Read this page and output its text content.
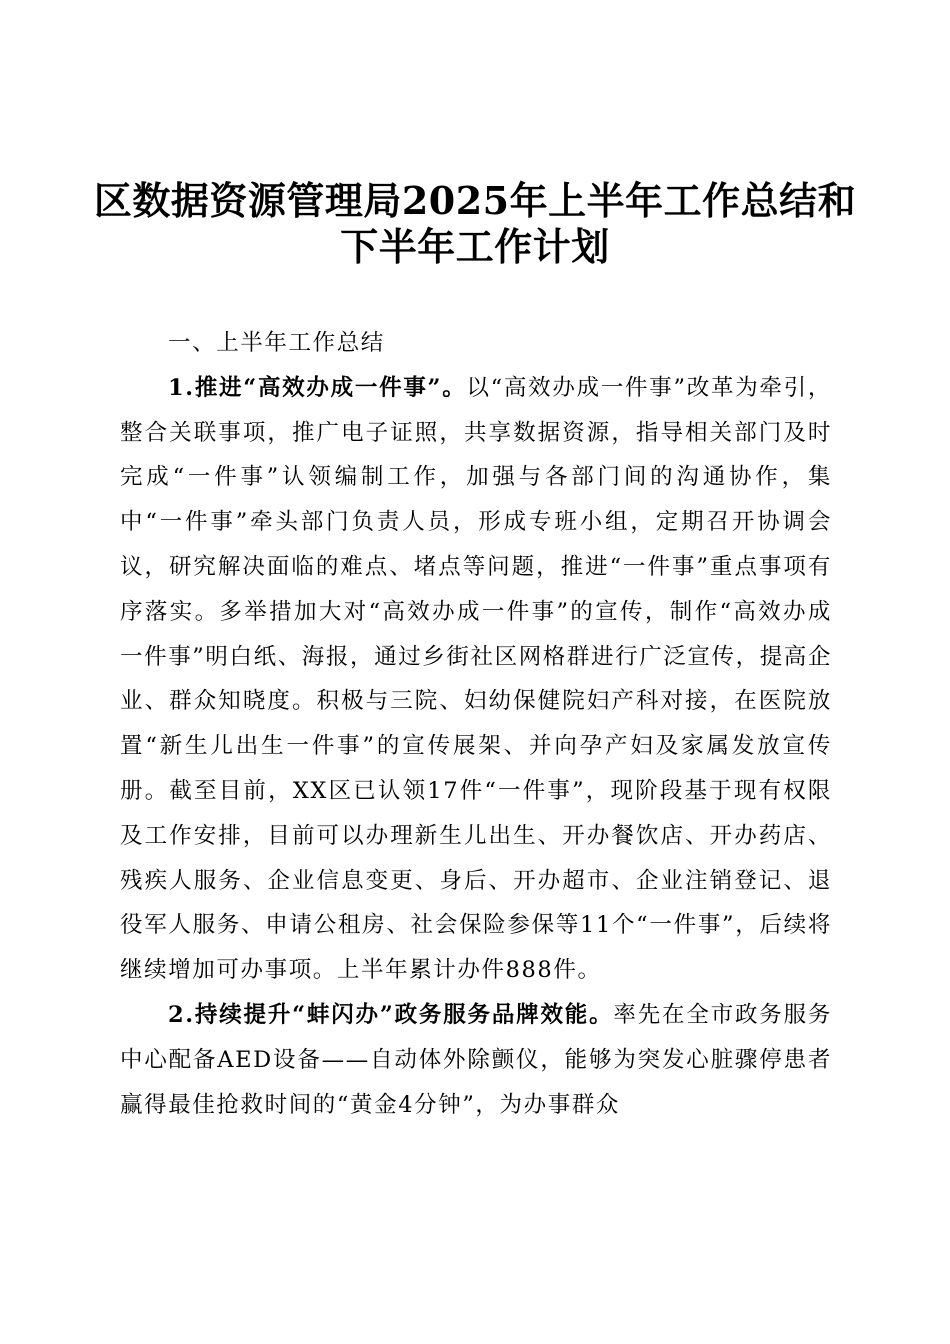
区数据资源管理局2025年上半年工作总结和
下半年工作计划

一、上半年工作总结

1.推进“高效办成一件事”。以“高效办成一件事”改革为牵引，整合关联事项，推广电子证照，共享数据资源，指导相关部门及时完成“一件事”认领编制工作，加强与各部门间的沟通协作，集中“一件事”牵头部门负责人员，形成专班小组，定期召开协调会议，研究解决面临的难点、堵点等问题，推进“一件事”重点事项有序落实。多举措加大对“高效办成一件事”的宣传，制作“高效办成一件事”明白纸、海报，通过乡街社区网格群进行广泛宣传，提高企业、群众知晓度。积极与三院、妇幼保健院妇产科对接，在医院放置“新生儿出生一件事”的宣传展架、并向孕产妇及家属发放宣传册。截至目前，XX区已认领17件“一件事”，现阶段基于现有权限及工作安排，目前可以办理新生儿出生、开办餐饮店、开办药店、残疾人服务、企业信息变更、身后、开办超市、企业注销登记、退役军人服务、申请公租房、社会保险参保等11个“一件事”，后续将继续增加可办事项。上半年累计办件888件。

2.持续提升“蚌闪办”政务服务品牌效能。率先在全市政务服务中心配备AED设备——自动体外除颤仪，能够为突发心脏骤停患者赢得最佳抢救时间的“黄金4分钟”，为办事群众
